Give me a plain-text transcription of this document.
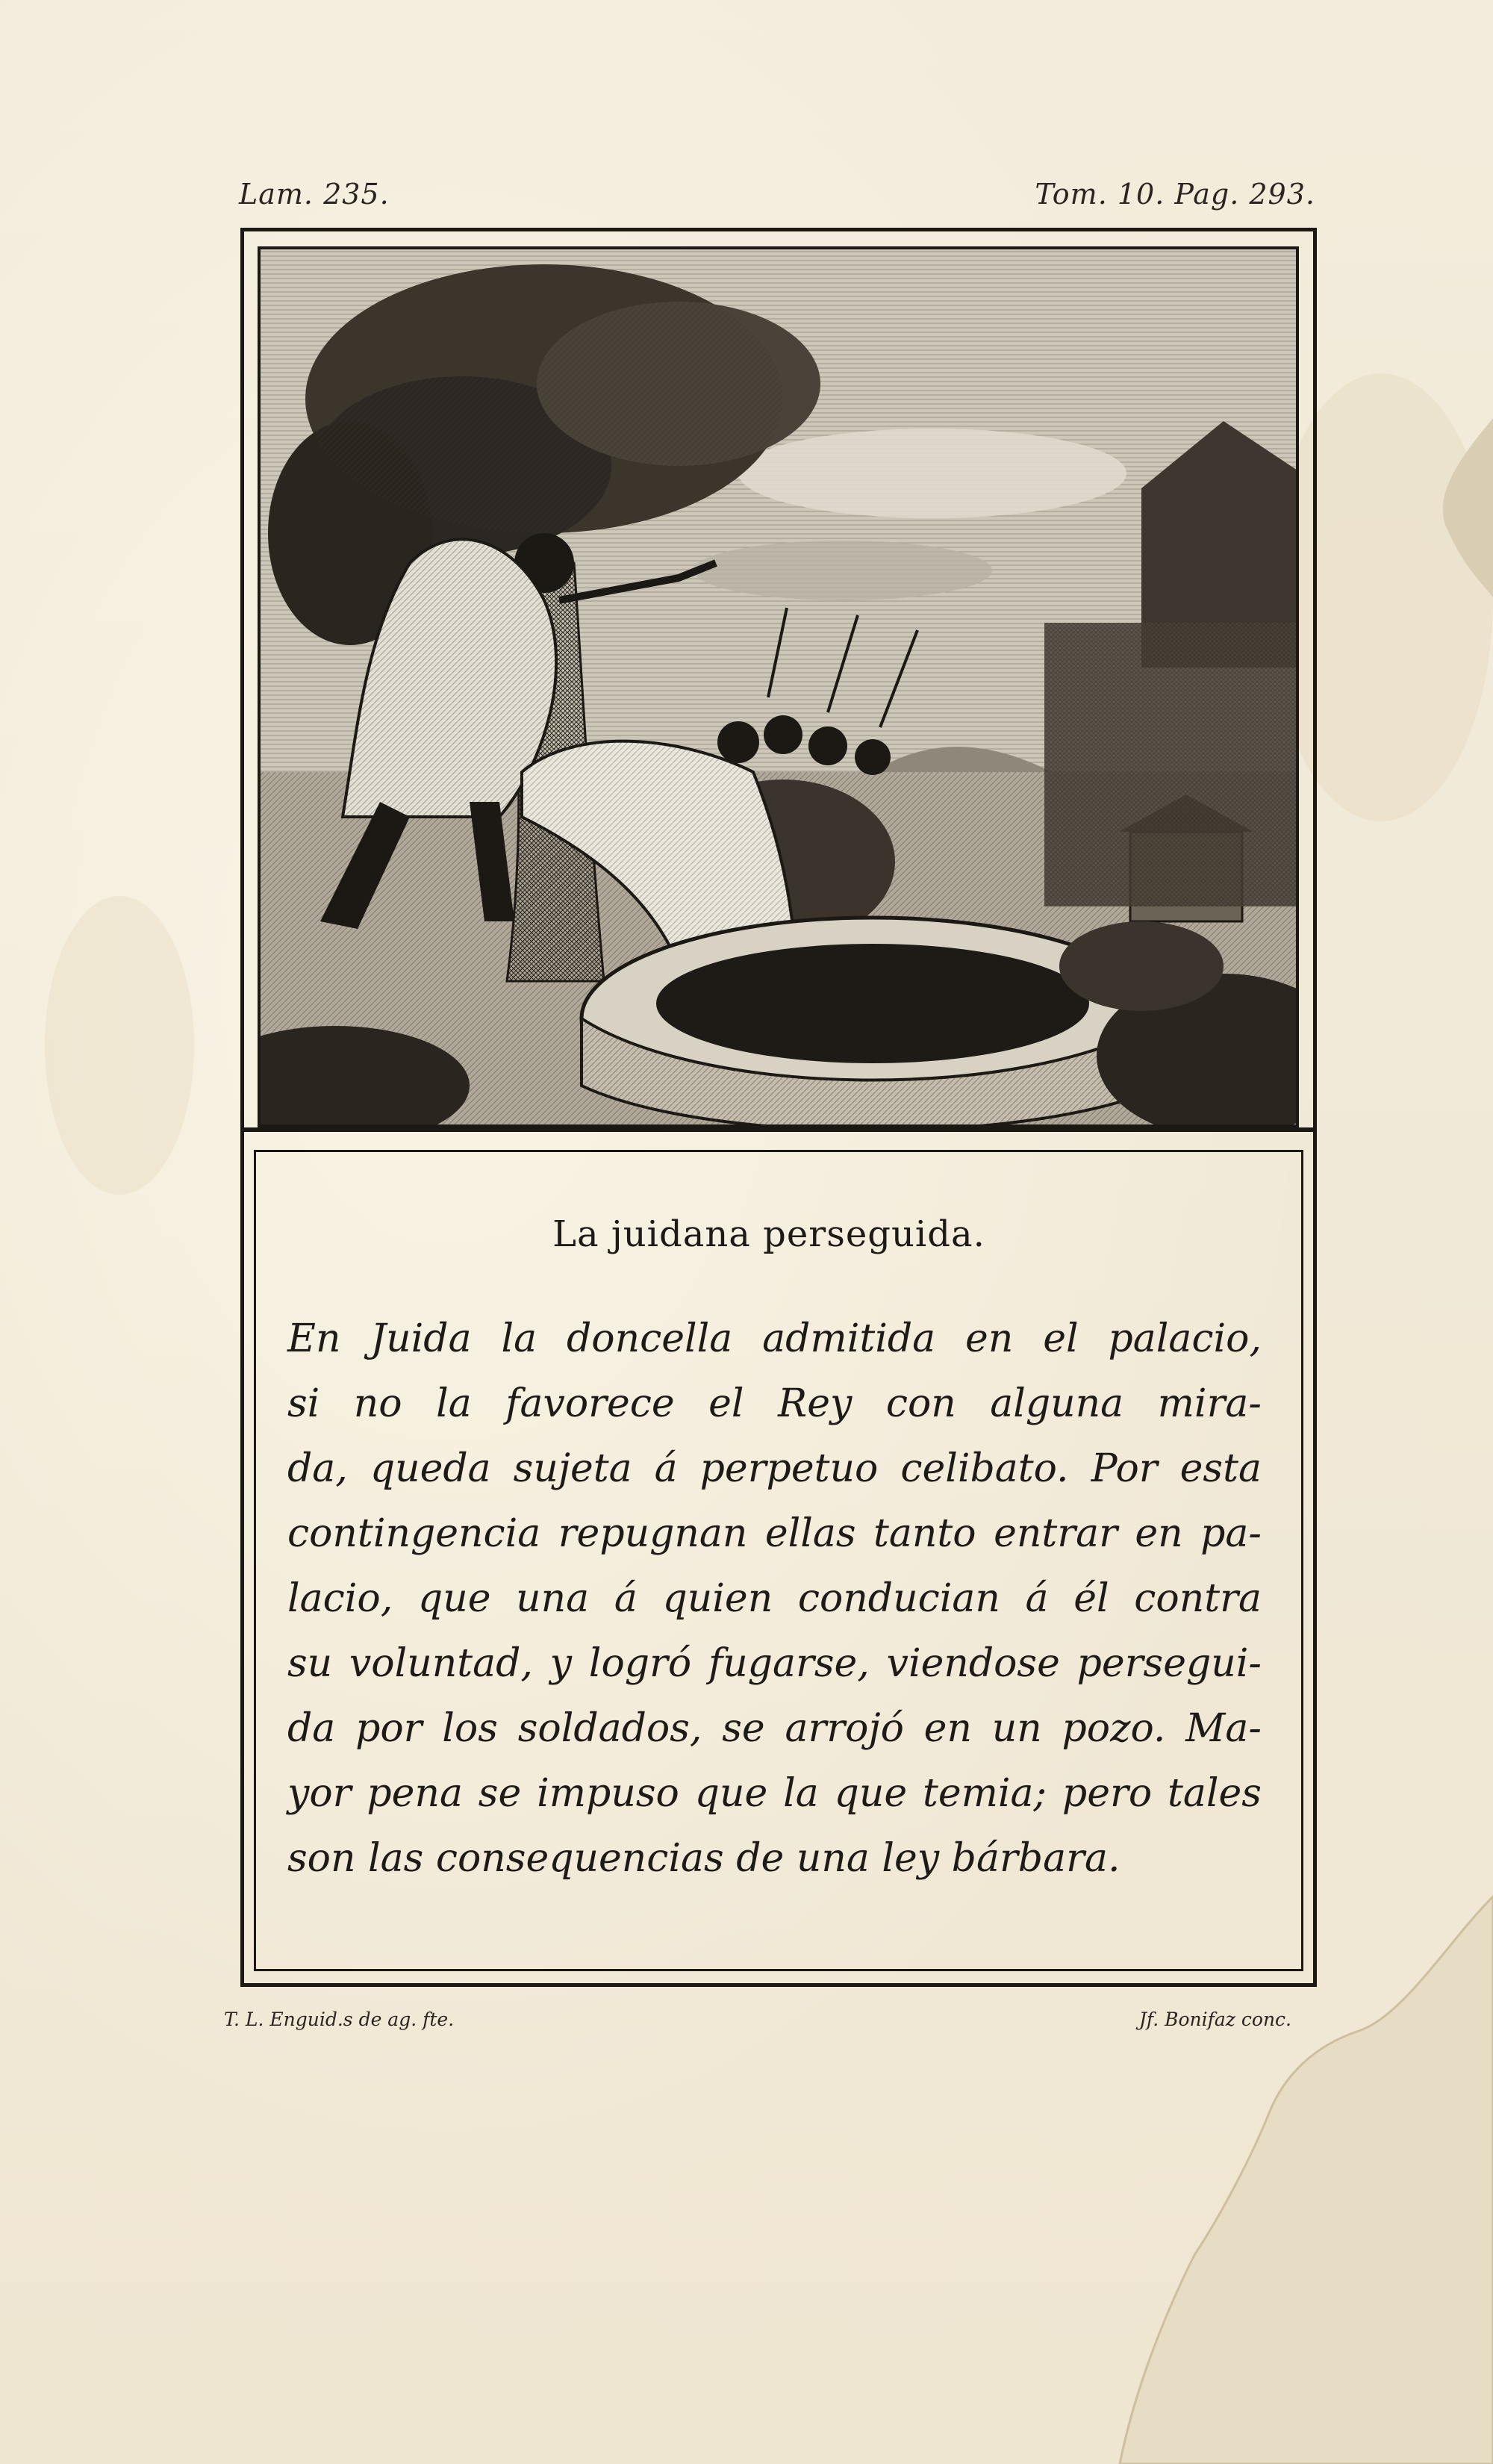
Lam. 235.	Tom. 10. Pag. 293.
La juidana perseguida.
En Juida la doncella admitida en el palacio,
si no la favorece el Rey con alguna mira-
da, queda sujeta á perpetuo celibato. Por esta
contingencia repugnan ellas tanto entrar en pa-
lacio, que una á quien conducian á él contra
su voluntad, y logró fugarse, viendose persegui-
da por los soldados, se arrojó en un pozo. Ma-
yor pena se impuso que la que temia; pero tales
son las consequencias de una ley bárbara.
T. L. Enguid.s de ag. fte.	Jf. Bonifaz conc.
